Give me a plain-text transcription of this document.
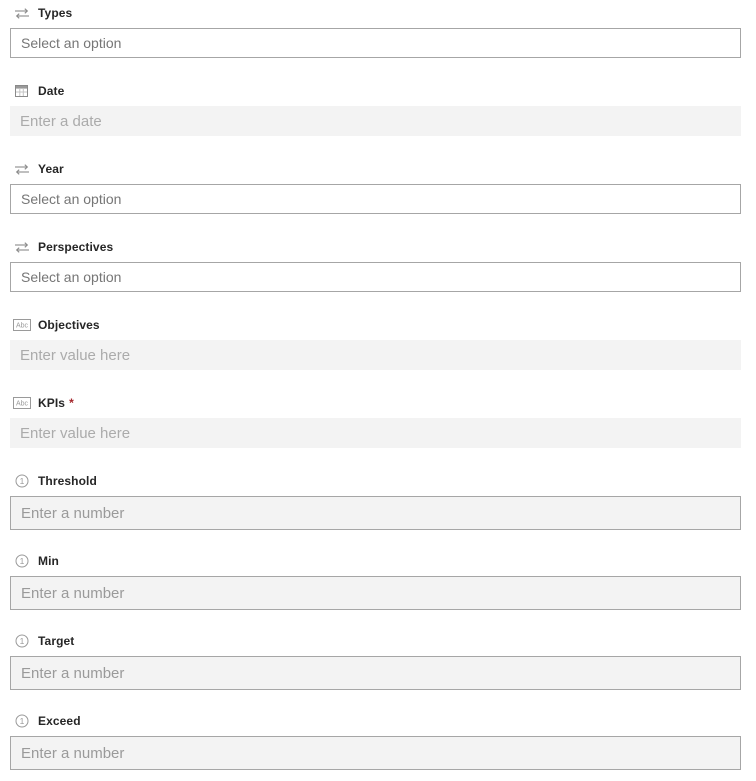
Types
Select an option
Date
Enter a date
Year
Select an option
Perspectives
Select an option
Abc Objectives
Enter value here
Abc KPIs *
Enter value here
1 Threshold
Enter a number
1 Min
Enter a number
1 Target
Enter a number
1 Exceed
Enter a number
